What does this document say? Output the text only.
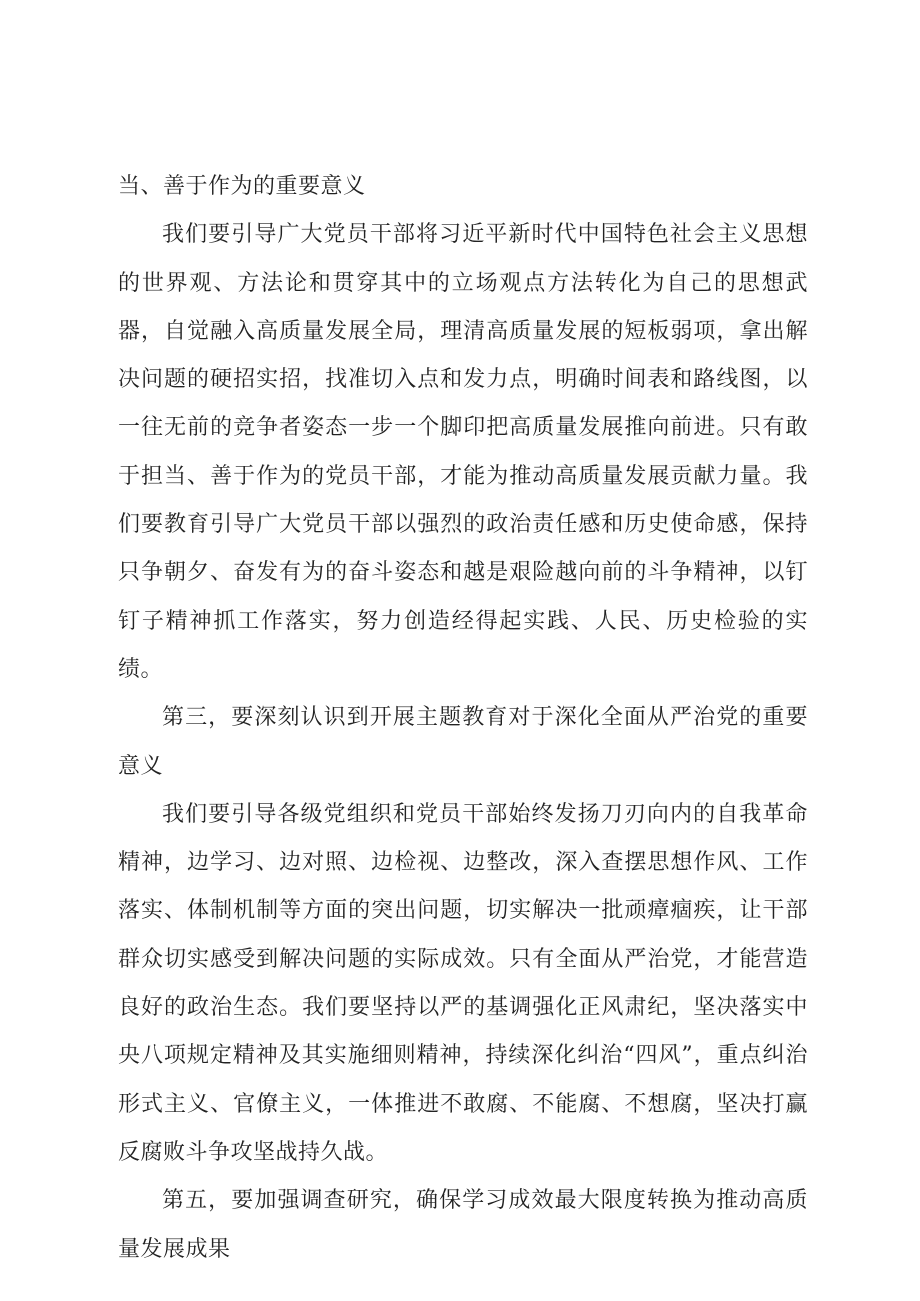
当、善于作为的重要意义

我们要引导广大党员干部将习近平新时代中国特色社会主义思想的世界观、方法论和贯穿其中的立场观点方法转化为自己的思想武器，自觉融入高质量发展全局，理清高质量发展的短板弱项，拿出解决问题的硬招实招，找准切入点和发力点，明确时间表和路线图，以一往无前的竞争者姿态一步一个脚印把高质量发展推向前进。只有敢于担当、善于作为的党员干部，才能为推动高质量发展贡献力量。我们要教育引导广大党员干部以强烈的政治责任感和历史使命感，保持只争朝夕、奋发有为的奋斗姿态和越是艰险越向前的斗争精神，以钉钉子精神抓工作落实，努力创造经得起实践、人民、历史检验的实绩。

第三，要深刻认识到开展主题教育对于深化全面从严治党的重要意义

我们要引导各级党组织和党员干部始终发扬刀刃向内的自我革命精神，边学习、边对照、边检视、边整改，深入查摆思想作风、工作落实、体制机制等方面的突出问题，切实解决一批顽瘴痼疾，让干部群众切实感受到解决问题的实际成效。只有全面从严治党，才能营造良好的政治生态。我们要坚持以严的基调强化正风肃纪，坚决落实中央八项规定精神及其实施细则精神，持续深化纠治“四风”，重点纠治形式主义、官僚主义，一体推进不敢腐、不能腐、不想腐，坚决打赢反腐败斗争攻坚战持久战。

第五，要加强调查研究，确保学习成效最大限度转换为推动高质量发展成果
